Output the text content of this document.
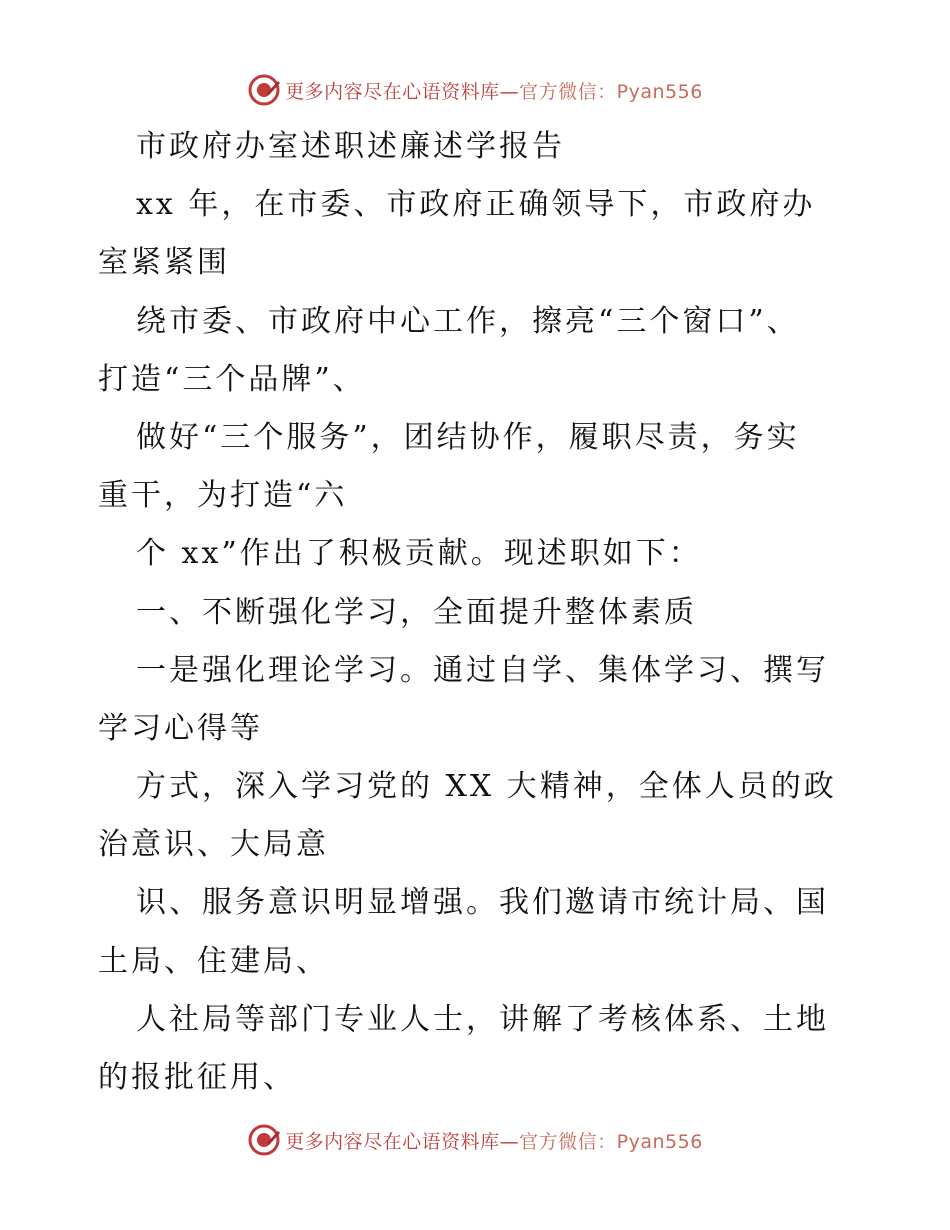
更多内容尽在心语资料库—官方微信：Pyan556
市政府办室述职述廉述学报告
xx 年，在市委、市政府正确领导下，市政府办
室紧紧围
绕市委、市政府中心工作，擦亮“三个窗口”、
打造“三个品牌”、
做好“三个服务”，团结协作，履职尽责，务实
重干，为打造“六
个 xx”作出了积极贡献。现述职如下：
一、不断强化学习，全面提升整体素质
一是强化理论学习。通过自学、集体学习、撰写
学习心得等
方式，深入学习党的 XX 大精神，全体人员的政
治意识、大局意
识、服务意识明显增强。我们邀请市统计局、国
土局、住建局、
人社局等部门专业人士，讲解了考核体系、土地
的报批征用、
更多内容尽在心语资料库—官方微信：Pyan556
